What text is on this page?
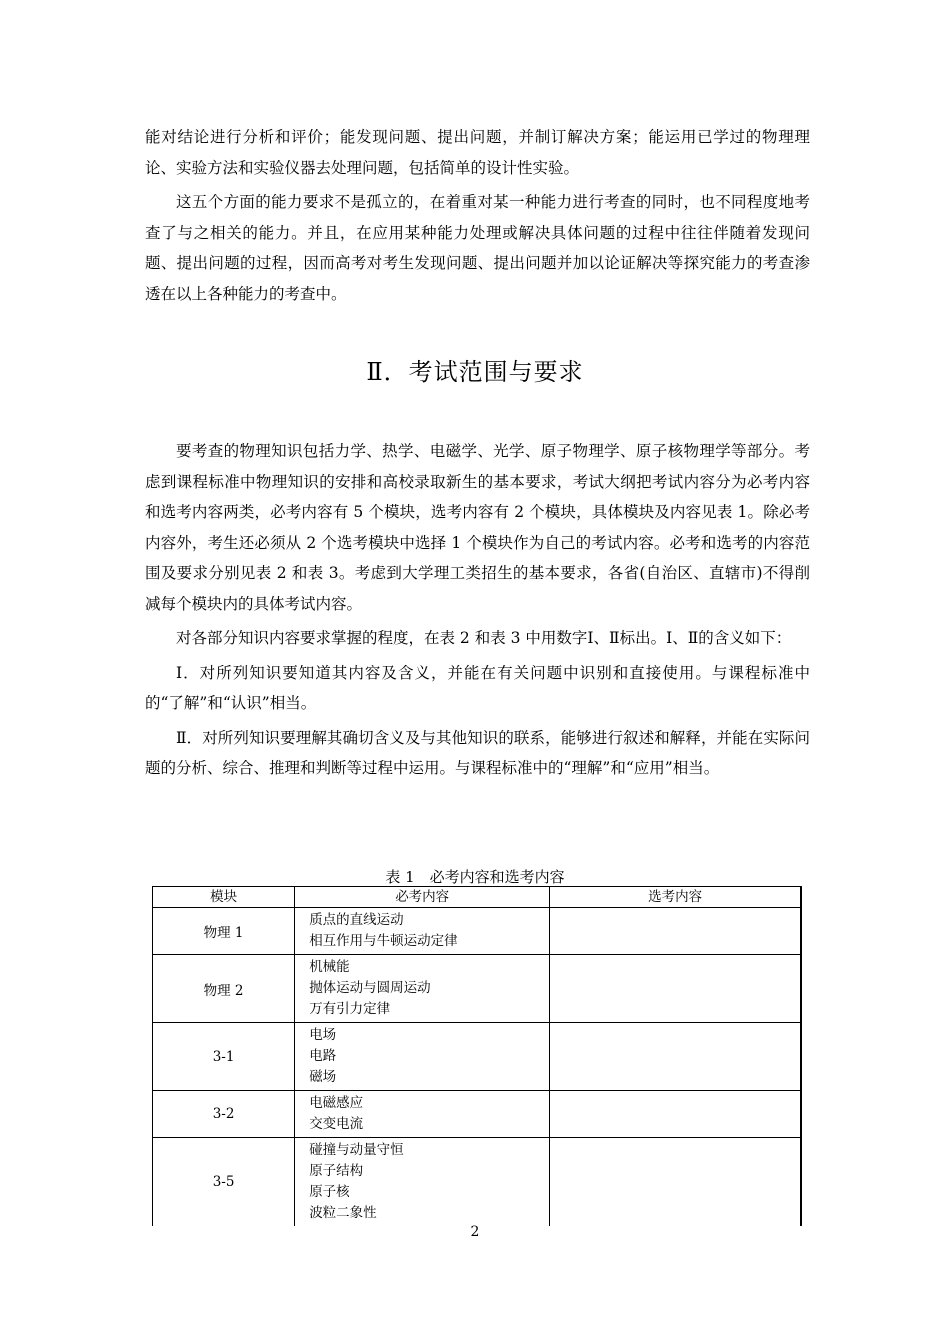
能对结论进行分析和评价；能发现问题、提出问题，并制订解决方案；能运用已学过的物理理论、实验方法和实验仪器去处理问题，包括简单的设计性实验。

这五个方面的能力要求不是孤立的，在着重对某一种能力进行考查的同时，也不同程度地考查了与之相关的能力。并且，在应用某种能力处理或解决具体问题的过程中往往伴随着发现问题、提出问题的过程，因而高考对考生发现问题、提出问题并加以论证解决等探究能力的考查渗透在以上各种能力的考查中。

Ⅱ．考试范围与要求

要考查的物理知识包括力学、热学、电磁学、光学、原子物理学、原子核物理学等部分。考虑到课程标准中物理知识的安排和高校录取新生的基本要求，考试大纲把考试内容分为必考内容和选考内容两类，必考内容有 5 个模块，选考内容有 2 个模块，具体模块及内容见表 1。除必考内容外，考生还必须从 2 个选考模块中选择 1 个模块作为自己的考试内容。必考和选考的内容范围及要求分别见表 2 和表 3。考虑到大学理工类招生的基本要求，各省(自治区、直辖市)不得削减每个模块内的具体考试内容。

对各部分知识内容要求掌握的程度，在表 2 和表 3 中用数字Ⅰ、Ⅱ标出。Ⅰ、Ⅱ的含义如下：

Ⅰ．对所列知识要知道其内容及含义，并能在有关问题中识别和直接使用。与课程标准中的“了解”和“认识”相当。

Ⅱ．对所列知识要理解其确切含义及与其他知识的联系，能够进行叙述和解释，并能在实际问题的分析、综合、推理和判断等过程中运用。与课程标准中的“理解”和“应用”相当。

表 1　必考内容和选考内容
模块	必考内容	选考内容
物理 1	质点的直线运动
相互作用与牛顿运动定律	

物理 2	机械能
抛体运动与圆周运动
万有引力定律	

3-1	电场
电路
磁场	

3-2	电磁感应
交变电流	

3-5	碰撞与动量守恒
原子结构
原子核
波粒二象性	

2
